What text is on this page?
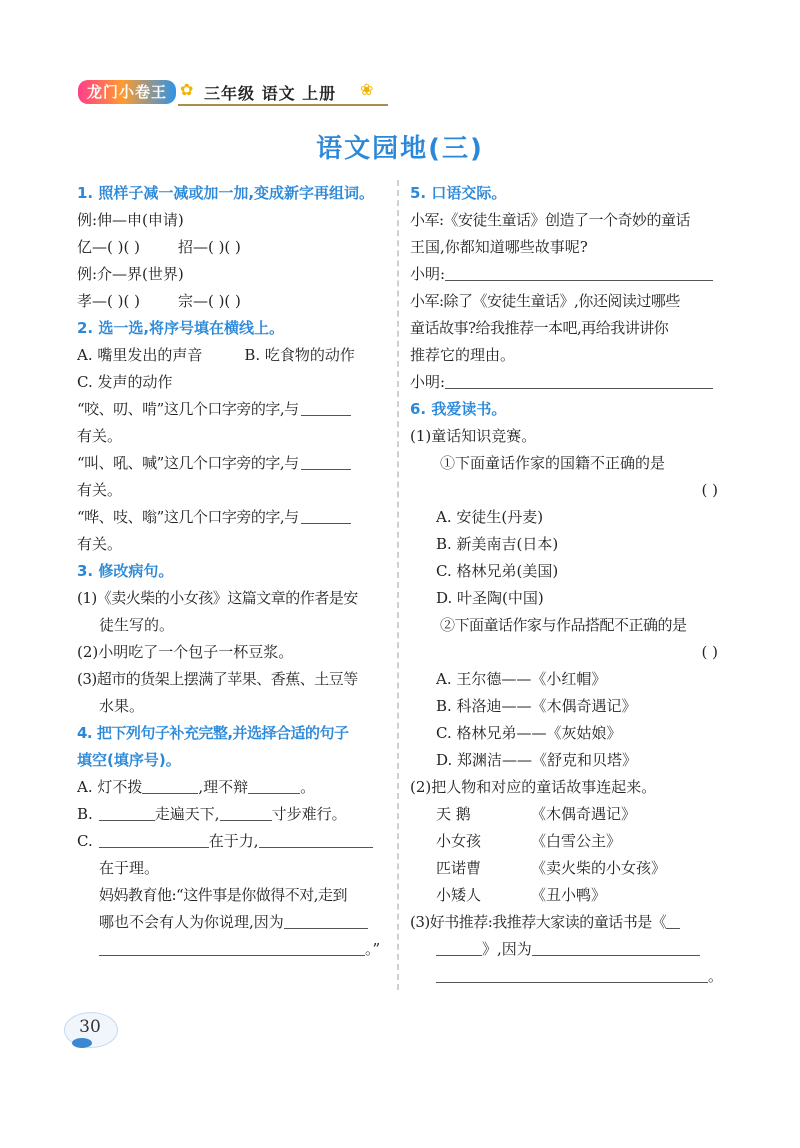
龙门小卷王 ✿ 三年级 语文 上册 ❀
语文园地(三)
1. 照样子减一减或加一加,变成新字再组词。
例:伸—申(申请)
亿—( )( )	招—( )( )
例:介—界(世界)
孝—( )( )	宗—( )( )
2. 选一选,将序号填在横线上。
A. 嘴里发出的声音	B. 吃食物的动作
C. 发声的动作
“咬、叨、啃”这几个口字旁的字,与
有关。
“叫、吼、喊”这几个口字旁的字,与
有关。
“哗、吱、嗡”这几个口字旁的字,与
有关。
3. 修改病句。
(1)《卖火柴的小女孩》这篇文章的作者是安
徒生写的。
(2)小明吃了一个包子一杯豆浆。
(3)超市的货架上摆满了苹果、香蕉、土豆等
水果。
4. 把下列句子补充完整,并选择合适的句子
填空(填序号)。
A. 灯不拨	,理不辩	。
B.	走遍天下,	寸步难行。
C.	在于力,
在于理。
妈妈教育他:“这件事是你做得不对,走到
哪也不会有人为你说理,因为
。”
5. 口语交际。
小军:《安徒生童话》创造了一个奇妙的童话
王国,你都知道哪些故事呢?
小明:
小军:除了《安徒生童话》,你还阅读过哪些
童话故事?给我推荐一本吧,再给我讲讲你
推荐它的理由。
小明:
6. 我爱读书。
(1)童话知识竞赛。
①下面童话作家的国籍不正确的是
( )
A. 安徒生(丹麦)
B. 新美南吉(日本)
C. 格林兄弟(美国)
D. 叶圣陶(中国)
②下面童话作家与作品搭配不正确的是
( )
A. 王尔德——《小红帽》
B. 科洛迪——《木偶奇遇记》
C. 格林兄弟——《灰姑娘》
D. 郑渊洁——《舒克和贝塔》
(2)把人物和对应的童话故事连起来。
天 鹅	《木偶奇遇记》
小女孩	《白雪公主》
匹诺曹	《卖火柴的小女孩》
小矮人	《丑小鸭》
(3)好书推荐:我推荐大家读的童话书是《
》,因为
。
30
